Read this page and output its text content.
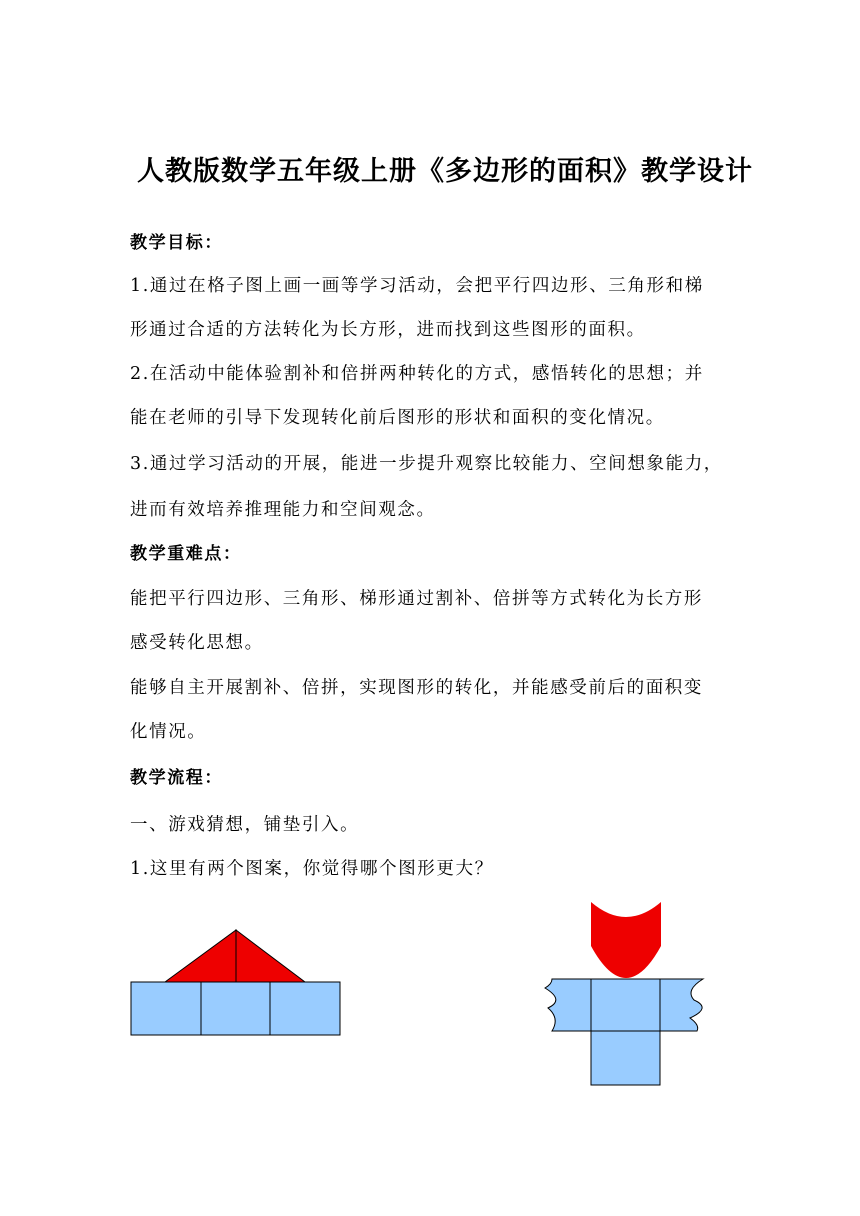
人教版数学五年级上册《多边形的面积》教学设计
教学目标：
1.通过在格子图上画一画等学习活动，会把平行四边形、三角形和梯
形通过合适的方法转化为长方形，进而找到这些图形的面积。
2.在活动中能体验割补和倍拼两种转化的方式，感悟转化的思想；并
能在老师的引导下发现转化前后图形的形状和面积的变化情况。
3.通过学习活动的开展，能进一步提升观察比较能力、空间想象能力，
进而有效培养推理能力和空间观念。
教学重难点：
能把平行四边形、三角形、梯形通过割补、倍拼等方式转化为长方形
感受转化思想。
能够自主开展割补、倍拼，实现图形的转化，并能感受前后的面积变
化情况。
教学流程：
一、游戏猜想，铺垫引入。
1.这里有两个图案，你觉得哪个图形更大？
